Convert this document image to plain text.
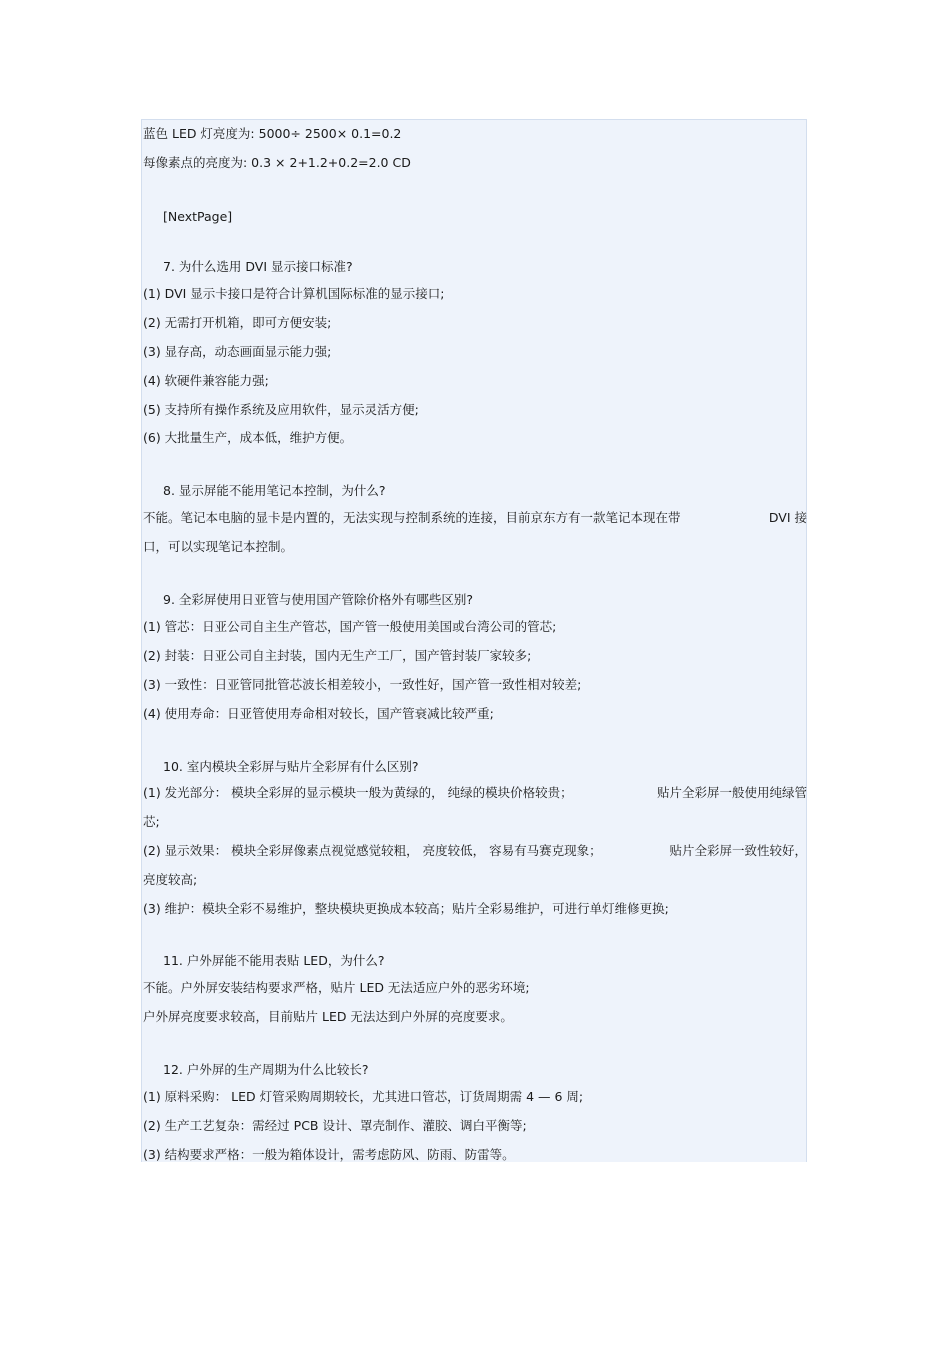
蓝色 LED 灯亮度为: 5000÷ 2500× 0.1=0.2
每像素点的亮度为: 0.3 × 2+1.2+0.2=2.0 CD
[NextPage]
7. 为什么选用 DVI 显示接口标准?
(1) DVI 显示卡接口是符合计算机国际标准的显示接口;
(2) 无需打开机箱，即可方便安装;
(3) 显存高，动态画面显示能力强;
(4) 软硬件兼容能力强;
(5) 支持所有操作系统及应用软件，显示灵活方便;
(6) 大批量生产，成本低，维护方便。
8. 显示屏能不能用笔记本控制，为什么?
不能。笔记本电脑的显卡是内置的，无法实现与控制系统的连接，目前京东方有一款笔记本现在带	DVI 接
口，可以实现笔记本控制。
9. 全彩屏使用日亚管与使用国产管除价格外有哪些区别?
(1) 管芯：日亚公司自主生产管芯，国产管一般使用美国或台湾公司的管芯;
(2) 封装：日亚公司自主封装，国内无生产工厂，国产管封装厂家较多;
(3) 一致性：日亚管同批管芯波长相差较小，一致性好，国产管一致性相对较差;
(4) 使用寿命：日亚管使用寿命相对较长，国产管衰减比较严重;
10. 室内模块全彩屏与贴片全彩屏有什么区别?
(1) 发光部分： 模块全彩屏的显示模块一般为黄绿的， 纯绿的模块价格较贵；	贴片全彩屏一般使用纯绿管
芯;
(2) 显示效果： 模块全彩屏像素点视觉感觉较粗， 亮度较低， 容易有马赛克现象；	贴片全彩屏一致性较好，
亮度较高;
(3) 维护：模块全彩不易维护，整块模块更换成本较高；贴片全彩易维护，可进行单灯维修更换;
11. 户外屏能不能用表贴 LED，为什么?
不能。户外屏安装结构要求严格，贴片 LED 无法适应户外的恶劣环境;
户外屏亮度要求较高，目前贴片 LED 无法达到户外屏的亮度要求。
12. 户外屏的生产周期为什么比较长?
(1) 原料采购： LED 灯管采购周期较长，尤其进口管芯，订货周期需 4 — 6 周;
(2) 生产工艺复杂：需经过 PCB 设计、罩壳制作、灌胶、调白平衡等;
(3) 结构要求严格：一般为箱体设计，需考虑防风、防雨、防雷等。
